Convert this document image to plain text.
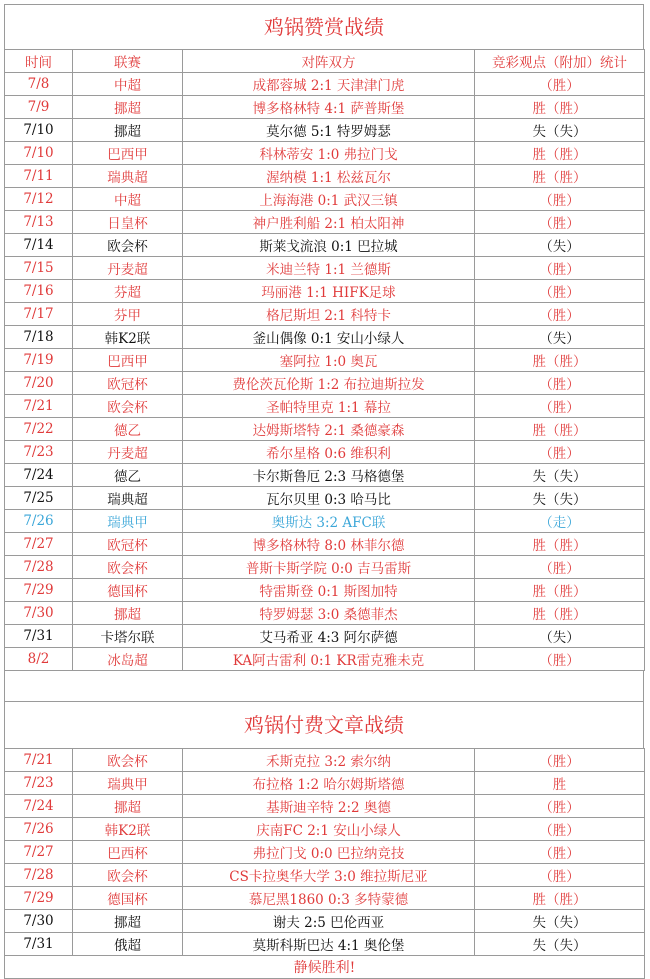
鸡锅赞赏战绩
时间	联赛	对阵双方	竞彩观点（附加）统计
7/8	中超	成都蓉城 2:1 天津津门虎	（胜）
7/9	挪超	博多格林特 4:1 萨普斯堡	胜（胜）
7/10	挪超	莫尔德 5:1 特罗姆瑟	失（失）
7/10	巴西甲	科林蒂安 1:0 弗拉门戈	胜（胜）
7/11	瑞典超	渥纳模 1:1 松兹瓦尔	胜（胜）
7/12	中超	上海海港 0:1 武汉三镇	（胜）
7/13	日皇杯	神户胜利船 2:1 柏太阳神	（胜）
7/14	欧会杯	斯莱戈流浪 0:1 巴拉城	（失）
7/15	丹麦超	米迪兰特 1:1 兰德斯	（胜）
7/16	芬超	玛丽港 1:1 HIFK足球	（胜）
7/17	芬甲	格尼斯坦 2:1 科特卡	（胜）
7/18	韩K2联	釜山偶像 0:1 安山小绿人	（失）
7/19	巴西甲	塞阿拉 1:0 奥瓦	胜（胜）
7/20	欧冠杯	费伦茨瓦伦斯 1:2 布拉迪斯拉发	（胜）
7/21	欧会杯	圣帕特里克 1:1 幕拉	（胜）
7/22	德乙	达姆斯塔特 2:1 桑德豪森	胜（胜）
7/23	丹麦超	希尔星格 0:6 维积利	（胜）
7/24	德乙	卡尔斯鲁厄 2:3 马格德堡	失（失）
7/25	瑞典超	瓦尔贝里 0:3 哈马比	失（失）
7/26	瑞典甲	奥斯达 3:2 AFC联	（走）
7/27	欧冠杯	博多格林特 8:0 林菲尔德	胜（胜）
7/28	欧会杯	普斯卡斯学院 0:0 吉马雷斯	（胜）
7/29	德国杯	特雷斯登 0:1 斯图加特	胜（胜）
7/30	挪超	特罗姆瑟 3:0 桑德菲杰	胜（胜）
7/31	卡塔尔联	艾马希亚 4:3 阿尔萨德	（失）
8/2	冰岛超	KA阿古雷利 0:1 KR雷克雅未克	（胜）
鸡锅付费文章战绩
7/21	欧会杯	禾斯克拉 3:2 索尔纳	（胜）
7/23	瑞典甲	布拉格 1:2 哈尔姆斯塔德	胜
7/24	挪超	基斯迪辛特 2:2 奥德	（胜）
7/26	韩K2联	庆南FC 2:1 安山小绿人	（胜）
7/27	巴西杯	弗拉门戈 0:0 巴拉纳竞技	（胜）
7/28	欧会杯	CS卡拉奥华大学 3:0 维拉斯尼亚	（胜）
7/29	德国杯	慕尼黑1860 0:3 多特蒙德	胜（胜）
7/30	挪超	谢夫 2:5 巴伦西亚	失（失）
7/31	俄超	莫斯科斯巴达 4:1 奥伦堡	失（失）
静候胜利!			
